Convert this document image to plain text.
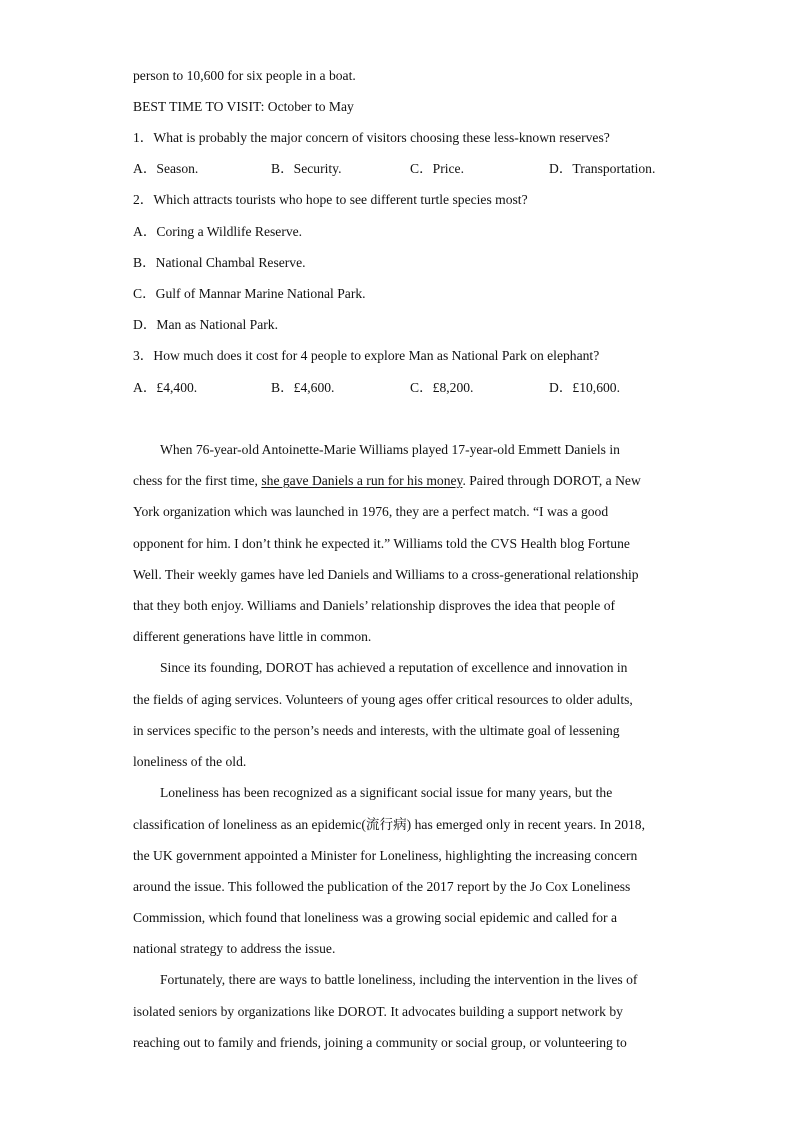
person to 10,600 for six people in a boat.
BEST TIME TO VISIT: October to May
1．What is probably the major concern of visitors choosing these less-known reserves?
A．Season.	B．Security.	C．Price.	D．Transportation.
2．Which attracts tourists who hope to see different turtle species most?
A．Coring a Wildlife Reserve.
B．National Chambal Reserve.
C．Gulf of Mannar Marine National Park.
D．Man as National Park.
3．How much does it cost for 4 people to explore Man as National Park on elephant?
A．£4,400.	B．£4,600.	C．£8,200.	D．£10,600.
When 76-year-old Antoinette-Marie Williams played 17-year-old Emmett Daniels in
chess for the first time, she gave Daniels a run for his money. Paired through DOROT, a New
York organization which was launched in 1976, they are a perfect match. “I was a good
opponent for him. I don’t think he expected it.” Williams told the CVS Health blog Fortune
Well. Their weekly games have led Daniels and Williams to a cross-generational relationship
that they both enjoy. Williams and Daniels’ relationship disproves the idea that people of
different generations have little in common.
Since its founding, DOROT has achieved a reputation of excellence and innovation in
the fields of aging services. Volunteers of young ages offer critical resources to older adults,
in services specific to the person’s needs and interests, with the ultimate goal of lessening
loneliness of the old.
Loneliness has been recognized as a significant social issue for many years, but the
classification of loneliness as an epidemic(流行病) has emerged only in recent years. In 2018,
the UK government appointed a Minister for Loneliness, highlighting the increasing concern
around the issue. This followed the publication of the 2017 report by the Jo Cox Loneliness
Commission, which found that loneliness was a growing social epidemic and called for a
national strategy to address the issue.
Fortunately, there are ways to battle loneliness, including the intervention in the lives of
isolated seniors by organizations like DOROT. It advocates building a support network by
reaching out to family and friends, joining a community or social group, or volunteering to
